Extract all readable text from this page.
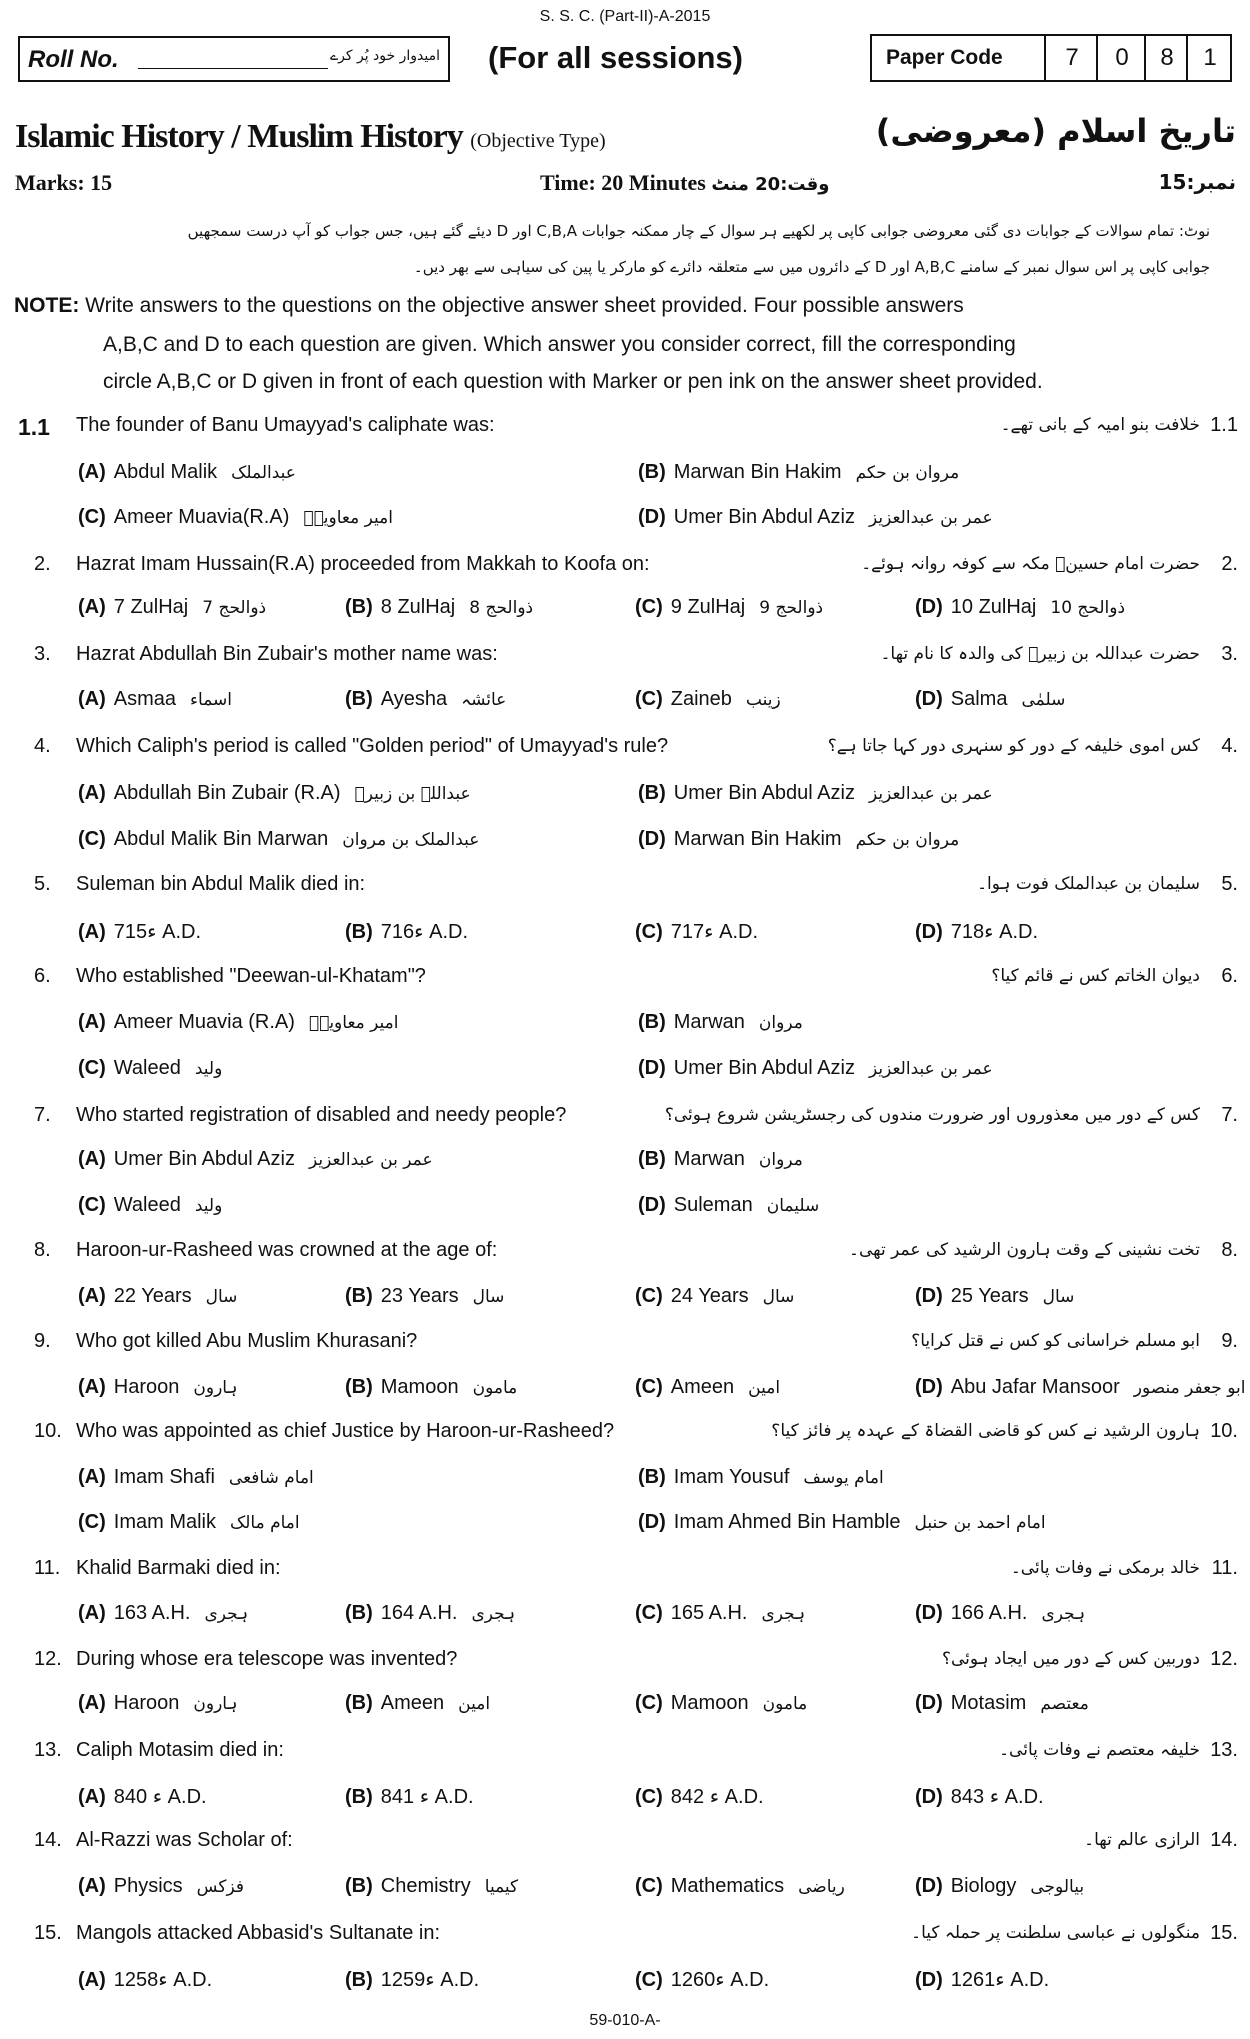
S. S. C. (Part-II)-A-2015
Roll No.	امیدوار خود پُر کرے (For all sessions)	Paper Code	7	0	8	1
Islamic History / Muslim History (Objective Type)	تاریخ اسلام (معروضی)
Marks: 15	Time: 20 Minutes وقت:20 منٹ	نمبر:15
نوٹ: تمام سوالات کے جوابات دی گئی معروضی جوابی کاپی پر لکھیے ہر سوال کے چار ممکنہ جوابات C,B,A اور D دیئے گئے ہیں، جس جواب کو آپ درست سمجھیں
جوابی کاپی پر اس سوال نمبر کے سامنے A,B,C اور D کے دائروں میں سے متعلقہ دائرے کو مارکر یا پین کی سیاہی سے بھر دیں۔
NOTE: Write answers to the questions on the objective answer sheet provided. Four possible answers
A,B,C and D to each question are given. Which answer you consider correct, fill the corresponding
circle A,B,C or D given in front of each question with Marker or pen ink on the answer sheet provided.
1.1 The founder of Banu Umayyad's caliphate was:	خلافت بنو امیہ کے بانی تھے۔ 1.1
(A) Abdul Malik عبدالملک	(B) Marwan Bin Hakim مروان بن حکم
(C) Ameer Muavia(R.A) امیر معاویہؓ	(D) Umer Bin Abdul Aziz عمر بن عبدالعزیز
2. Hazrat Imam Hussain(R.A) proceeded from Makkah to Koofa on:	حضرت امام حسینؓ مکہ سے کوفہ روانہ ہوئے۔ 2.
(A) 7 ZulHaj 7 ذوالحج	(B) 8 ZulHaj 8 ذوالحج	(C) 9 ZulHaj 9 ذوالحج	(D) 10 ZulHaj 10 ذوالحج
3. Hazrat Abdullah Bin Zubair's mother name was:	حضرت عبداللہ بن زبیرؓ کی والدہ کا نام تھا۔ 3.
(A) Asmaa اسماء	(B) Ayesha عائشہ	(C) Zaineb زینب	(D) Salma سلمٰی
4. Which Caliph's period is called "Golden period" of Umayyad's rule?	کس اموی خلیفہ کے دور کو سنہری دور کہا جاتا ہے؟ 4.
(A) Abdullah Bin Zubair (R.A) عبداللہ بن زبیرؓ	(B) Umer Bin Abdul Aziz عمر بن عبدالعزیز
(C) Abdul Malik Bin Marwan عبدالملک بن مروان	(D) Marwan Bin Hakim مروان بن حکم
5. Suleman bin Abdul Malik died in:	سلیمان بن عبدالملک فوت ہوا۔ 5.
(A) ء715 A.D.	(B) ء716 A.D.	(C) ء717 A.D.	(D) ء718 A.D.
6. Who established "Deewan-ul-Khatam"?	دیوان الخاتم کس نے قائم کیا؟ 6.
(A) Ameer Muavia (R.A) امیر معاویہؓ	(B) Marwan مروان
(C) Waleed ولید	(D) Umer Bin Abdul Aziz عمر بن عبدالعزیز
7. Who started registration of disabled and needy people?	کس کے دور میں معذوروں اور ضرورت مندوں کی رجسٹریشن شروع ہوئی؟ 7.
(A) Umer Bin Abdul Aziz عمر بن عبدالعزیز	(B) Marwan مروان
(C) Waleed ولید	(D) Suleman سلیمان
8. Haroon-ur-Rasheed was crowned at the age of:	تخت نشینی کے وقت ہارون الرشید کی عمر تھی۔ 8.
(A) 22 Years سال	(B) 23 Years سال	(C) 24 Years سال	(D) 25 Years سال
9. Who got killed Abu Muslim Khurasani?	ابو مسلم خراسانی کو کس نے قتل کرایا؟ 9.
(A) Haroon ہارون	(B) Mamoon مامون	(C) Ameen امین	(D) Abu Jafar Mansoor ابو جعفر منصور
10. Who was appointed as chief Justice by Haroon-ur-Rasheed?	ہارون الرشید نے کس کو قاضی القضاۃ کے عہدہ پر فائز کیا؟ 10.
(A) Imam Shafi امام شافعی	(B) Imam Yousuf امام یوسف
(C) Imam Malik امام مالک	(D) Imam Ahmed Bin Hamble امام احمد بن حنبل
11. Khalid Barmaki died in:	خالد برمکی نے وفات پائی۔ 11.
(A) 163 A.H. ہجری	(B) 164 A.H. ہجری	(C) 165 A.H. ہجری	(D) 166 A.H. ہجری
12. During whose era telescope was invented?	دوربین کس کے دور میں ایجاد ہوئی؟ 12.
(A) Haroon ہارون	(B) Ameen امین	(C) Mamoon مامون	(D) Motasim معتصم
13. Caliph Motasim died in:	خلیفہ معتصم نے وفات پائی۔ 13.
(A) ء 840 A.D.	(B) ء 841 A.D.	(C) ء 842 A.D.	(D) ء 843 A.D.
14. Al-Razzi was Scholar of:	الرازی عالم تھا۔ 14.
(A) Physics فزکس	(B) Chemistry کیمیا	(C) Mathematics ریاضی	(D) Biology بیالوجی
15. Mangols attacked Abbasid's Sultanate in:	منگولوں نے عباسی سلطنت پر حملہ کیا۔ 15.
(A) ء1258 A.D.	(B) ء1259 A.D.	(C) ء1260 A.D.	(D) ء1261 A.D.
59-010-A-
